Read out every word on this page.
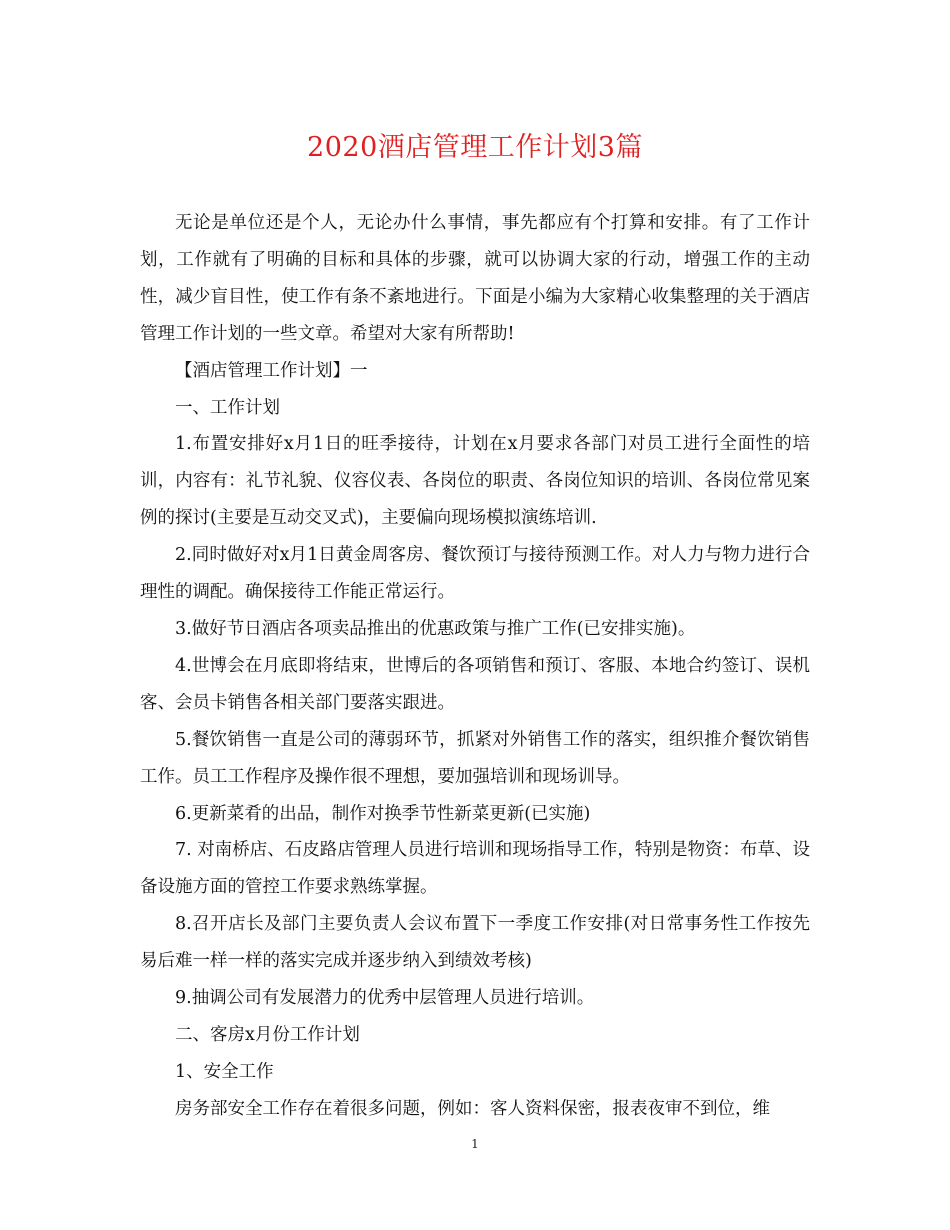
2020酒店管理工作计划3篇

无论是单位还是个人，无论办什么事情，事先都应有个打算和安排。有了工作计划，工作就有了明确的目标和具体的步骤，就可以协调大家的行动，增强工作的主动性，减少盲目性，使工作有条不紊地进行。下面是小编为大家精心收集整理的关于酒店管理工作计划的一些文章。希望对大家有所帮助!

【酒店管理工作计划】一

一、工作计划

1.布置安排好x月1日的旺季接待，计划在x月要求各部门对员工进行全面性的培训，内容有：礼节礼貌、仪容仪表、各岗位的职责、各岗位知识的培训、各岗位常见案例的探讨(主要是互动交叉式)，主要偏向现场模拟演练培训.

2.同时做好对x月1日黄金周客房、餐饮预订与接待预测工作。对人力与物力进行合理性的调配。确保接待工作能正常运行。

3.做好节日酒店各项卖品推出的优惠政策与推广工作(已安排实施)。

4.世博会在月底即将结束，世博后的各项销售和预订、客服、本地合约签订、误机客、会员卡销售各相关部门要落实跟进。

5.餐饮销售一直是公司的薄弱环节，抓紧对外销售工作的落实，组织推介餐饮销售工作。员工工作程序及操作很不理想，要加强培训和现场训导。

6.更新菜肴的出品，制作对换季节性新菜更新(已实施)

7. 对南桥店、石皮路店管理人员进行培训和现场指导工作，特别是物资：布草、设备设施方面的管控工作要求熟练掌握。

8.召开店长及部门主要负责人会议布置下一季度工作安排(对日常事务性工作按先易后难一样一样的落实完成并逐步纳入到绩效考核)

9.抽调公司有发展潜力的优秀中层管理人员进行培训。

二、客房x月份工作计划

1、安全工作

房务部安全工作存在着很多问题，例如：客人资料保密，报表夜审不到位，维

1
